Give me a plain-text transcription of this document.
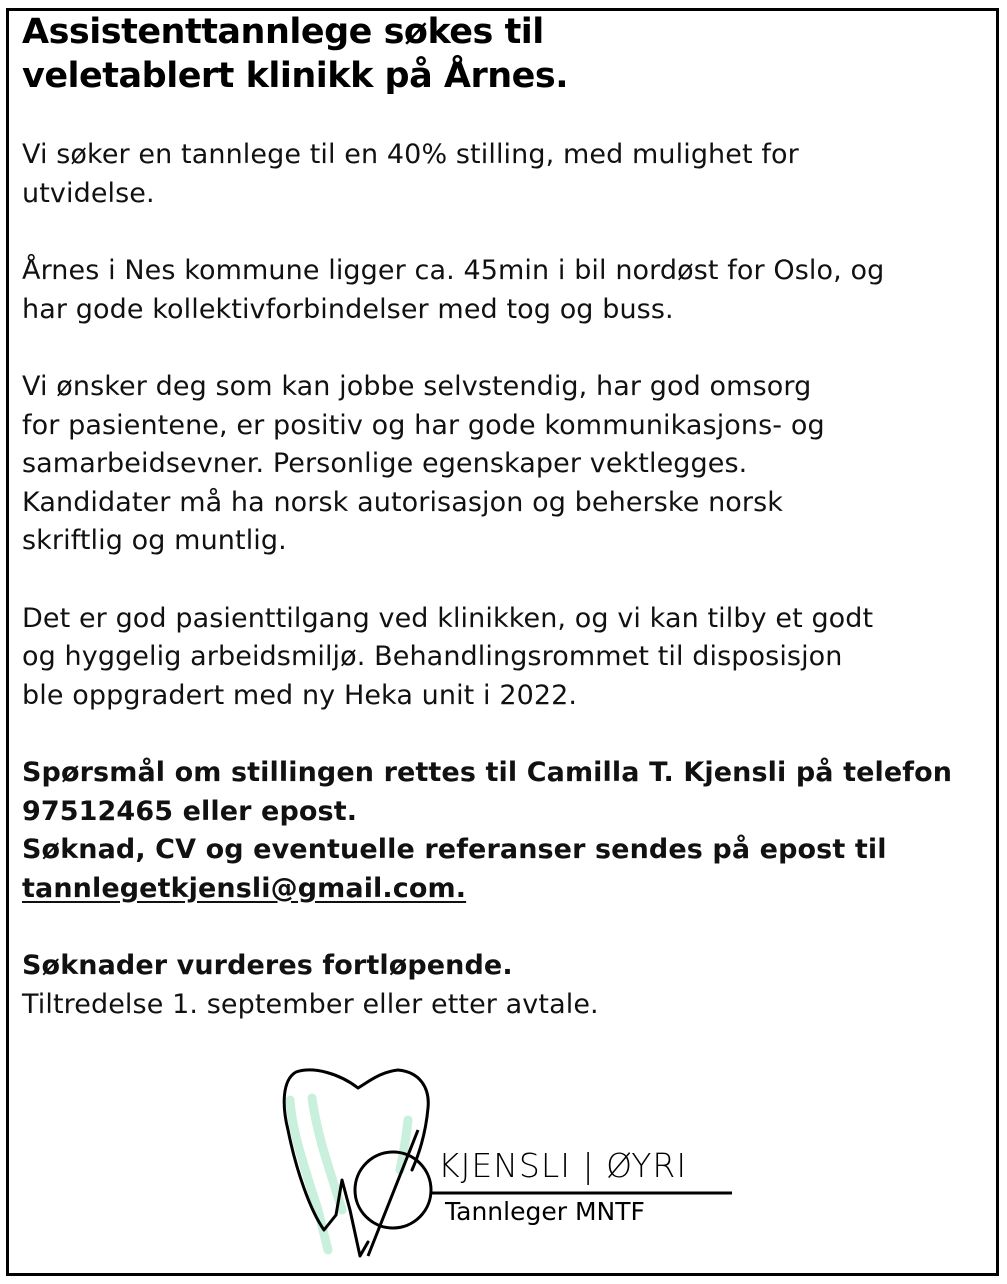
Assistenttannlege søkes til
veletablert klinikk på Årnes.

Vi søker en tannlege til en 40% stilling, med mulighet for
utvidelse.

Årnes i Nes kommune ligger ca. 45min i bil nordøst for Oslo, og
har gode kollektivforbindelser med tog og buss.

Vi ønsker deg som kan jobbe selvstendig, har god omsorg
for pasientene, er positiv og har gode kommunikasjons- og
samarbeidsevner. Personlige egenskaper vektlegges.
Kandidater må ha norsk autorisasjon og beherske norsk
skriftlig og muntlig.

Det er god pasienttilgang ved klinikken, og vi kan tilby et godt
og hyggelig arbeidsmiljø. Behandlingsrommet til disposisjon
ble oppgradert med ny Heka unit i 2022.

Spørsmål om stillingen rettes til Camilla T. Kjensli på telefon
97512465 eller epost.
Søknad, CV og eventuelle referanser sendes på epost til
tannlegetkjensli@gmail.com.

Søknader vurderes fortløpende.
Tiltredelse 1. september eller etter avtale.

KJENSLI | ØYRI
Tannleger MNTF
